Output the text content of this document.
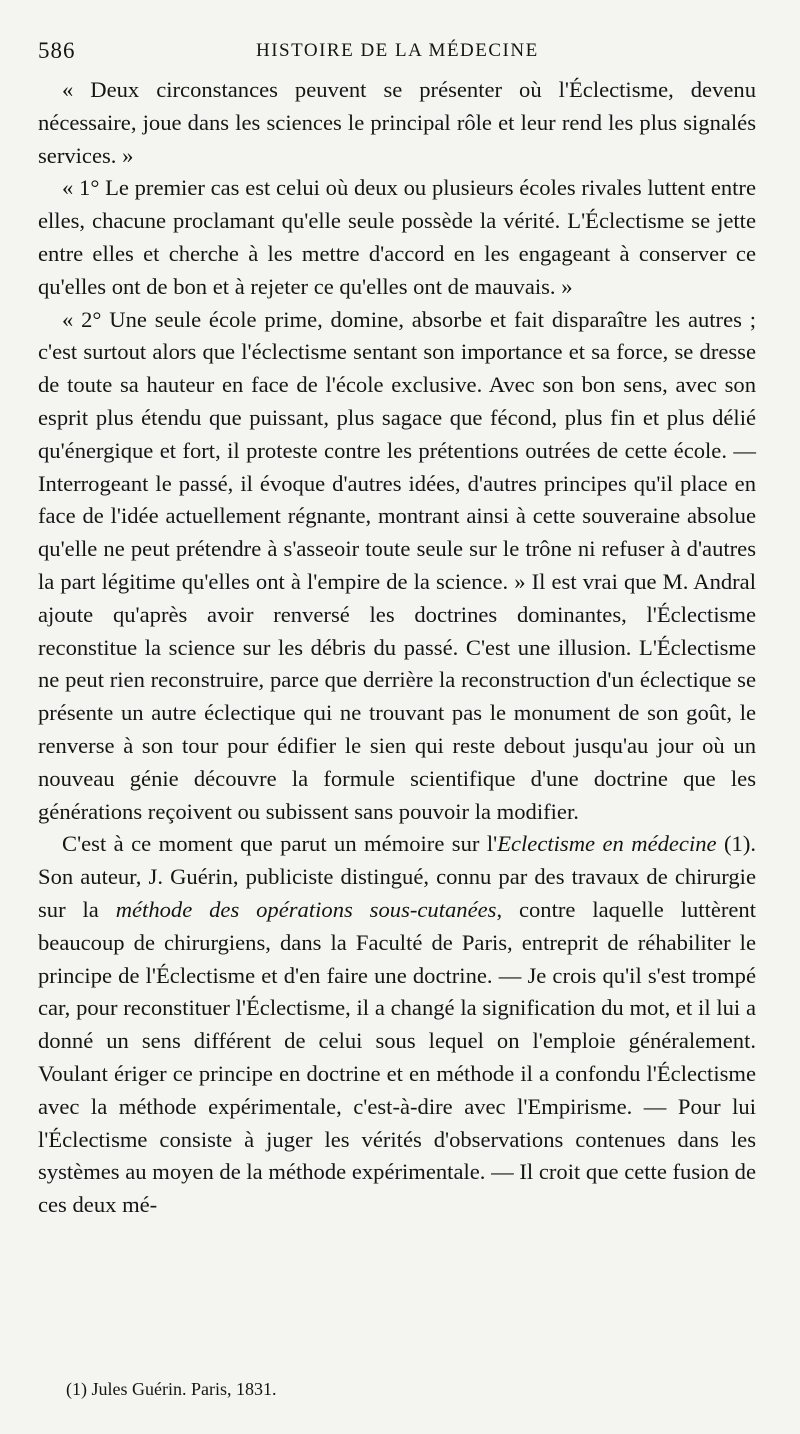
586	HISTOIRE DE LA MÉDECINE

« Deux circonstances peuvent se présenter où l'Éclectisme, devenu nécessaire, joue dans les sciences le principal rôle et leur rend les plus signalés services. »

« 1° Le premier cas est celui où deux ou plusieurs écoles rivales luttent entre elles, chacune proclamant qu'elle seule possède la vérité. L'Éclectisme se jette entre elles et cherche à les mettre d'accord en les engageant à conserver ce qu'elles ont de bon et à rejeter ce qu'elles ont de mauvais. »

« 2° Une seule école prime, domine, absorbe et fait disparaître les autres ; c'est surtout alors que l'éclectisme sentant son importance et sa force, se dresse de toute sa hauteur en face de l'école exclusive. Avec son bon sens, avec son esprit plus étendu que puissant, plus sagace que fécond, plus fin et plus délié qu'énergique et fort, il proteste contre les prétentions outrées de cette école. — Interrogeant le passé, il évoque d'autres idées, d'autres principes qu'il place en face de l'idée actuellement régnante, montrant ainsi à cette souveraine absolue qu'elle ne peut prétendre à s'asseoir toute seule sur le trône ni refuser à d'autres la part légitime qu'elles ont à l'empire de la science. » Il est vrai que M. Andral ajoute qu'après avoir renversé les doctrines dominantes, l'Éclectisme reconstitue la science sur les débris du passé. C'est une illusion. L'Éclectisme ne peut rien reconstruire, parce que derrière la reconstruction d'un éclectique se présente un autre éclectique qui ne trouvant pas le monument de son goût, le renverse à son tour pour édifier le sien qui reste debout jusqu'au jour où un nouveau génie découvre la formule scientifique d'une doctrine que les générations reçoivent ou subissent sans pouvoir la modifier.

C'est à ce moment que parut un mémoire sur l'Eclectisme en médecine (1). Son auteur, J. Guérin, publiciste distingué, connu par des travaux de chirurgie sur la méthode des opérations sous-cutanées, contre laquelle luttèrent beaucoup de chirurgiens, dans la Faculté de Paris, entreprit de réhabiliter le principe de l'Éclectisme et d'en faire une doctrine. — Je crois qu'il s'est trompé car, pour reconstituer l'Éclectisme, il a changé la signification du mot, et il lui a donné un sens différent de celui sous lequel on l'emploie généralement. Voulant ériger ce principe en doctrine et en méthode il a confondu l'Éclectisme avec la méthode expérimentale, c'est-à-dire avec l'Empirisme. — Pour lui l'Éclectisme consiste à juger les vérités d'observations contenues dans les systèmes au moyen de la méthode expérimentale. — Il croit que cette fusion de ces deux mé-

(1) Jules Guérin. Paris, 1831.
